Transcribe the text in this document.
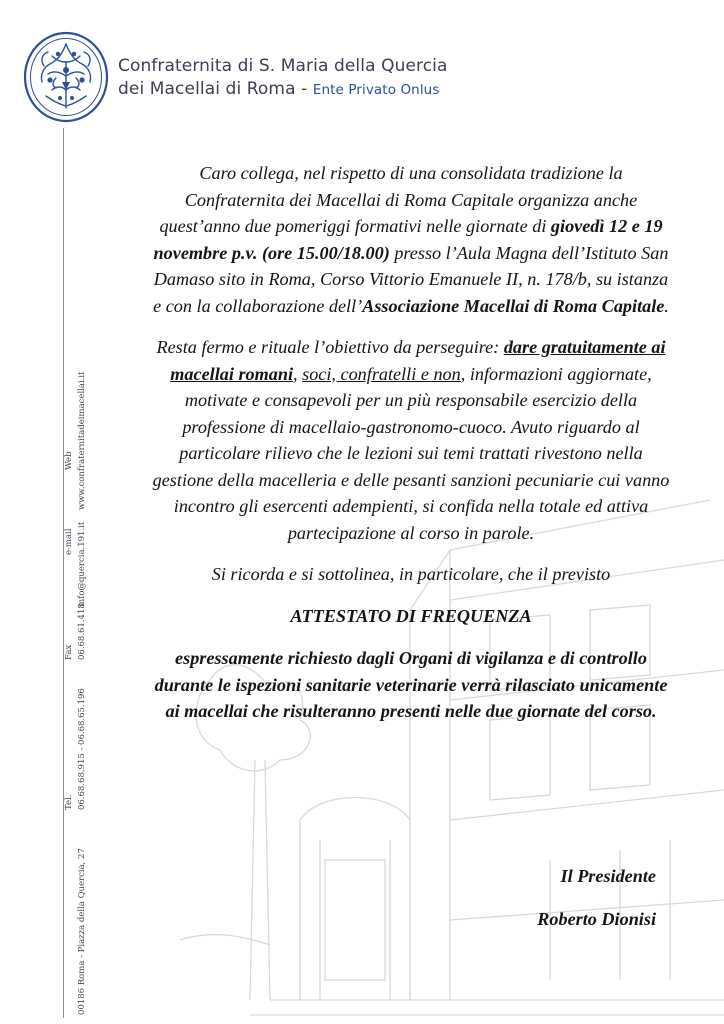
Confraternita di S. Maria della Quercia
dei Macellai di Roma - Ente Privato Onlus
Tel.
Fax
e-mail
Web
00186 Roma - Piazza della Quercia, 27
06.68.68.915 - 06.68.65.196
06.68.61.418
info@quercia.191.it
www.confraternitadeimacellai.it

Caro collega, nel rispetto di una consolidata tradizione la Confraternita dei Macellai di Roma Capitale organizza anche quest’anno due pomeriggi formativi nelle giornate di giovedì 12 e 19 novembre p.v. (ore 15.00/18.00) presso l’Aula Magna dell’Istituto San Damaso sito in Roma, Corso Vittorio Emanuele II, n. 178/b, su istanza e con la collaborazione dell’Associazione Macellai di Roma Capitale.

Resta fermo e rituale l’obiettivo da perseguire: dare gratuitamente ai macellai romani, soci, confratelli e non, informazioni aggiornate, motivate e consapevoli per un più responsabile esercizio della professione di macellaio-gastronomo-cuoco. Avuto riguardo al particolare rilievo che le lezioni sui temi trattati rivestono nella gestione della macelleria e delle pesanti sanzioni pecuniarie cui vanno incontro gli esercenti adempienti, si confida nella totale ed attiva partecipazione al corso in parole.

Si ricorda e si sottolinea, in particolare, che il previsto

ATTESTATO DI FREQUENZA

espressamente richiesto dagli Organi di vigilanza e di controllo durante le ispezioni sanitarie veterinarie verrà rilasciato unicamente ai macellai che risulteranno presenti nelle due giornate del corso.

Il Presidente
Roberto Dionisi
